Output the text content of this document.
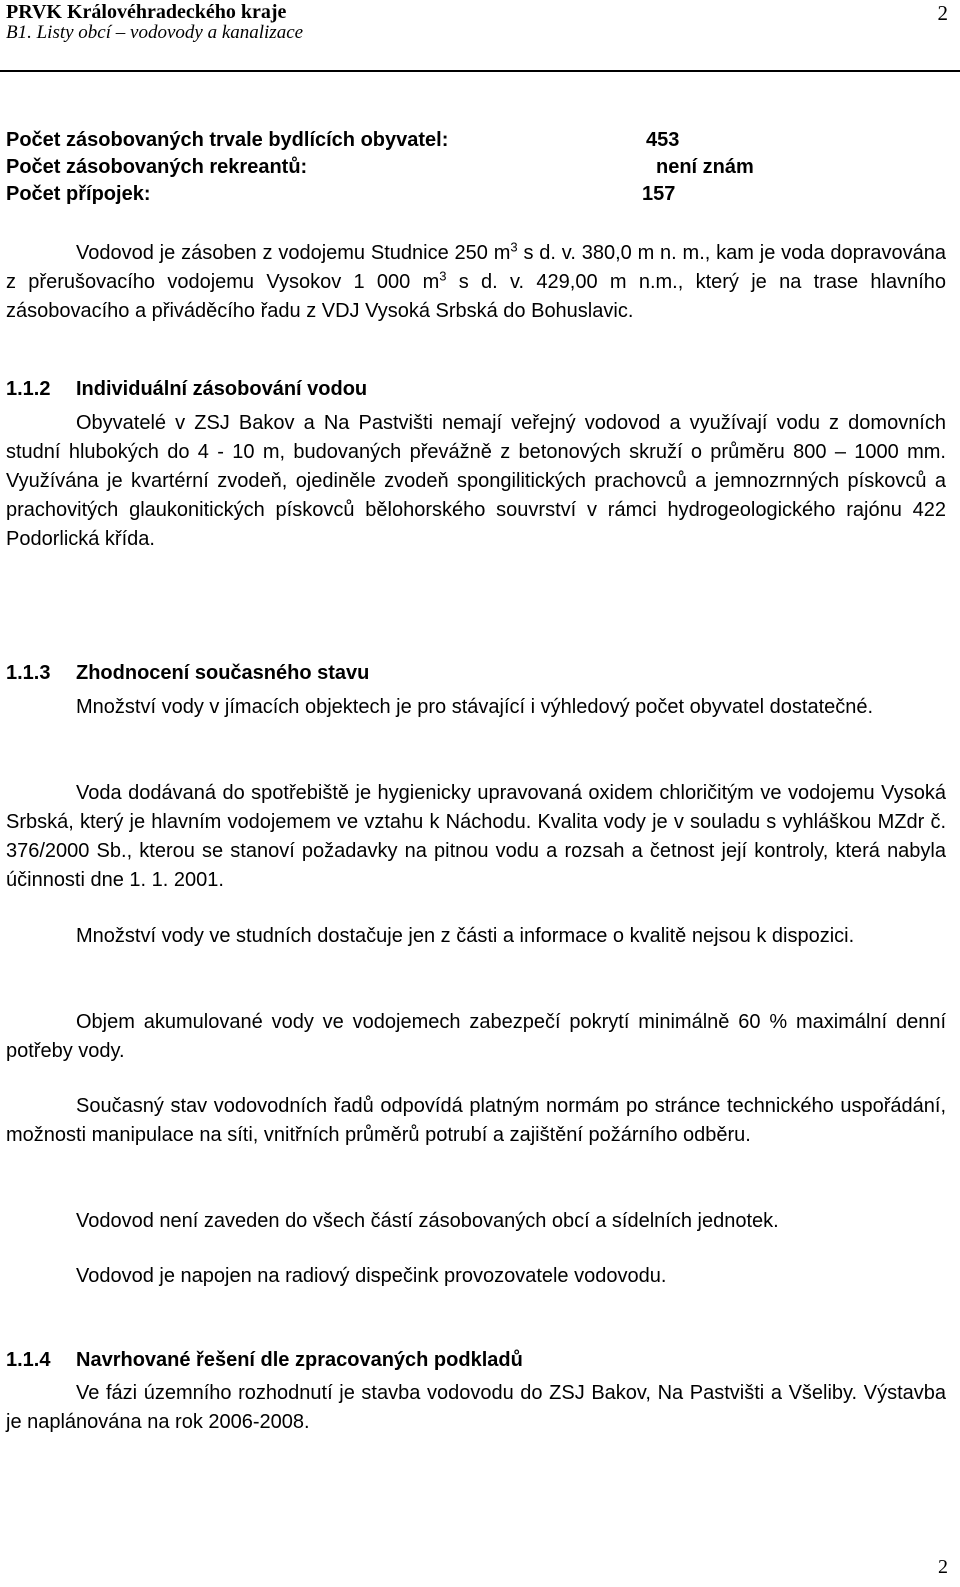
PRVK Královéhradeckého kraje
B1. Listy obcí – vodovody a kanalizace
2
Počet zásobovaných trvale bydlících obyvatel:	453
Počet zásobovaných rekreantů:	není znám
Počet přípojek:	157
Vodovod je zásoben z vodojemu Studnice 250 $m^3$ s d. v. 380,0 m n. m., kam je voda dopravována z přerušovacího vodojemu Vysokov 1 000 $m^3$ s d. v. 429,00 m n.m., který je na trase hlavního zásobovacího a přiváděcího řadu z VDJ Vysoká Srbská do Bohuslavic.
1.1.2 Individuální zásobování vodou
Obyvatelé v ZSJ Bakov a Na Pastvišti nemají veřejný vodovod a využívají vodu z domovních studní hlubokých do 4 - 10 m, budovaných převážně z betonových skruží o průměru 800 – 1000 mm. Využívána je kvartérní zvodeň, ojediněle zvodeň spongilitických prachovců a jemnozrnných pískovců a prachovitých glaukonitických pískovců bělohorského souvrství v rámci hydrogeologického rajónu 422 Podorlická křída.
1.1.3 Zhodnocení současného stavu
Množství vody v jímacích objektech je pro stávající i výhledový počet obyvatel dostatečné.
Voda dodávaná do spotřebiště je hygienicky upravovaná oxidem chloričitým ve vodojemu Vysoká Srbská, který je hlavním vodojemem ve vztahu k Náchodu. Kvalita vody je v souladu s vyhláškou MZdr č. 376/2000 Sb., kterou se stanoví požadavky na pitnou vodu a rozsah a četnost její kontroly, která nabyla účinnosti dne 1. 1. 2001.
Množství vody ve studních dostačuje jen z části a informace o kvalitě nejsou k dispozici.
Objem akumulované vody ve vodojemech zabezpečí pokrytí minimálně 60 % maximální denní potřeby vody.
Současný stav vodovodních řadů odpovídá platným normám po stránce technického uspořádání, možnosti manipulace na síti, vnitřních průměrů potrubí a zajištění požárního odběru.
Vodovod není zaveden do všech částí zásobovaných obcí a sídelních jednotek.
Vodovod je napojen na radiový dispečink provozovatele vodovodu.
1.1.4 Navrhované řešení dle zpracovaných podkladů
Ve fázi územního rozhodnutí je stavba vodovodu do ZSJ Bakov, Na Pastvišti a Všeliby. Výstavba je naplánována na rok 2006-2008.
2
